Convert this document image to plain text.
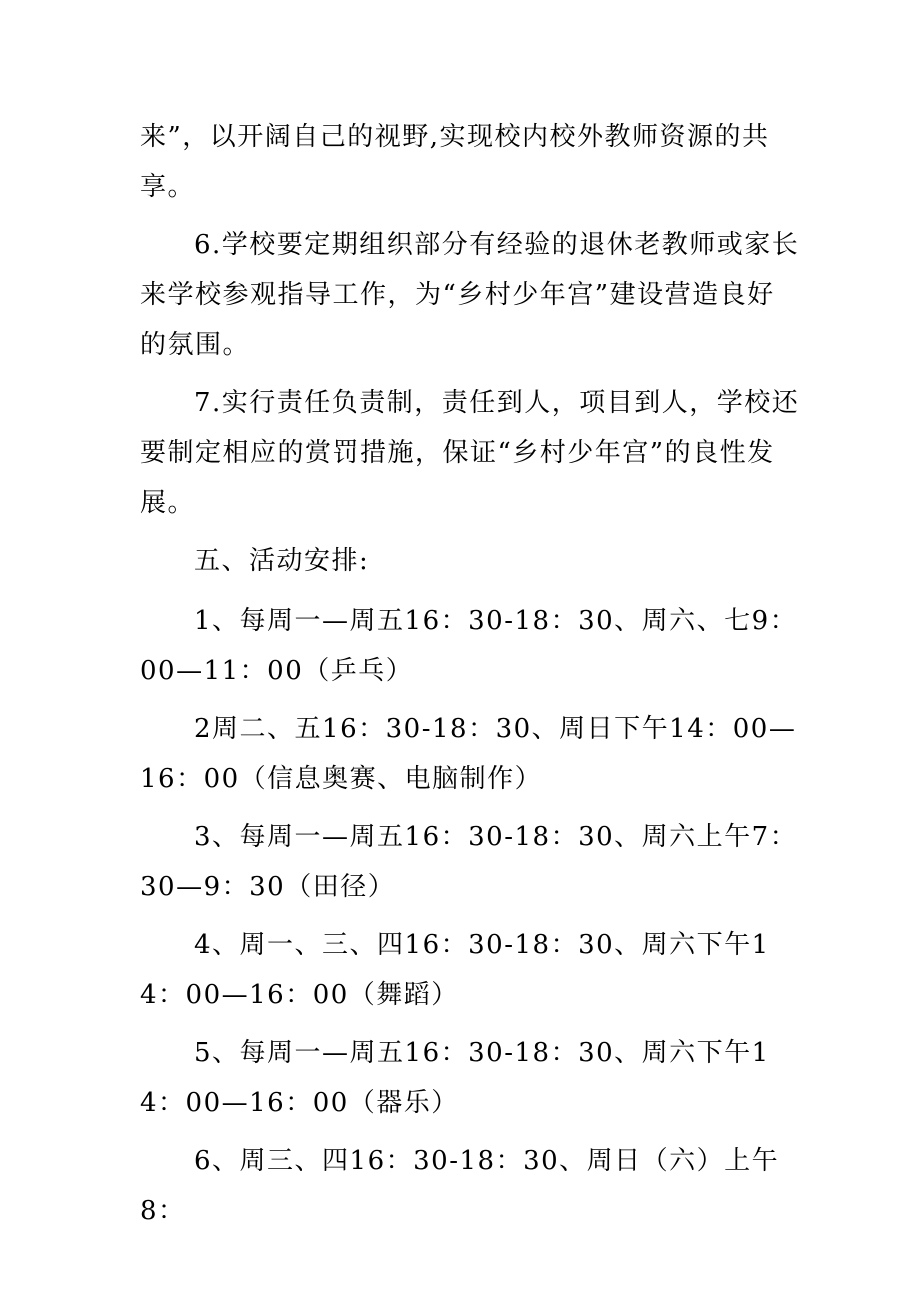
来”，以开阔自己的视野,实现校内校外教师资源的共享。

6.学校要定期组织部分有经验的退休老教师或家长来学校参观指导工作，为“乡村少年宫”建设营造良好的氛围。

7.实行责任负责制，责任到人，项目到人，学校还要制定相应的赏罚措施，保证“乡村少年宫”的良性发展。

五、活动安排:

1、每周一—周五16：30-18：30、周六、七9：00—11：00（乒乓）

2周二、五16：30-18：30、周日下午14：00—16：00（信息奥赛、电脑制作）

3、每周一—周五16：30-18：30、周六上午7：30—9：30（田径）

4、周一、三、四16：30-18：30、周六下午14：00—16：00（舞蹈）

5、每周一—周五16：30-18：30、周六下午14：00—16：00（器乐）

6、周三、四16：30-18：30、周日（六）上午8：
